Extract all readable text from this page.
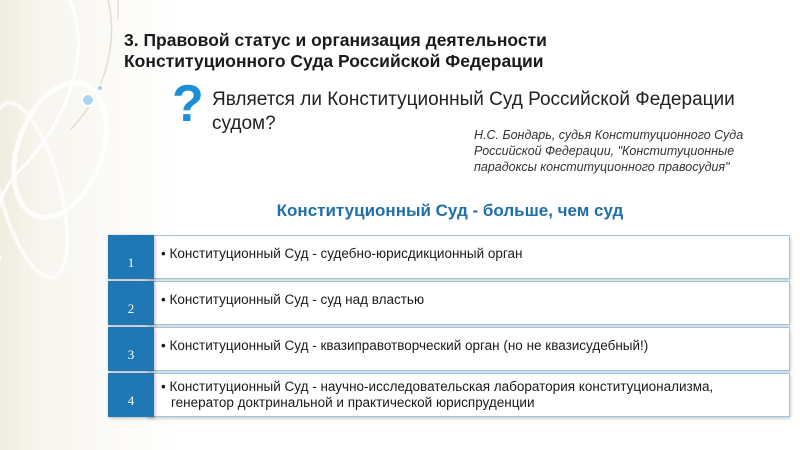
3. Правовой статус и организация деятельности
Конституционного Суда Российской Федерации
? Является ли Конституционный Суд Российской Федерации судом?
Н.С. Бондарь, судья Конституционного Суда
Российской Федерации, "Конституционные
парадоксы конституционного правосудия"
Конституционный Суд - больше, чем суд
1
• Конституционный Суд - судебно-юрисдикционный орган
2
• Конституционный Суд - суд над властью
3
• Конституционный Суд - квазиправотворческий орган (но не квазисудебный!)
4
• Конституционный Суд - научно-исследовательская лаборатория конституционализма,
генератор доктринальной и практической юриспруденции
